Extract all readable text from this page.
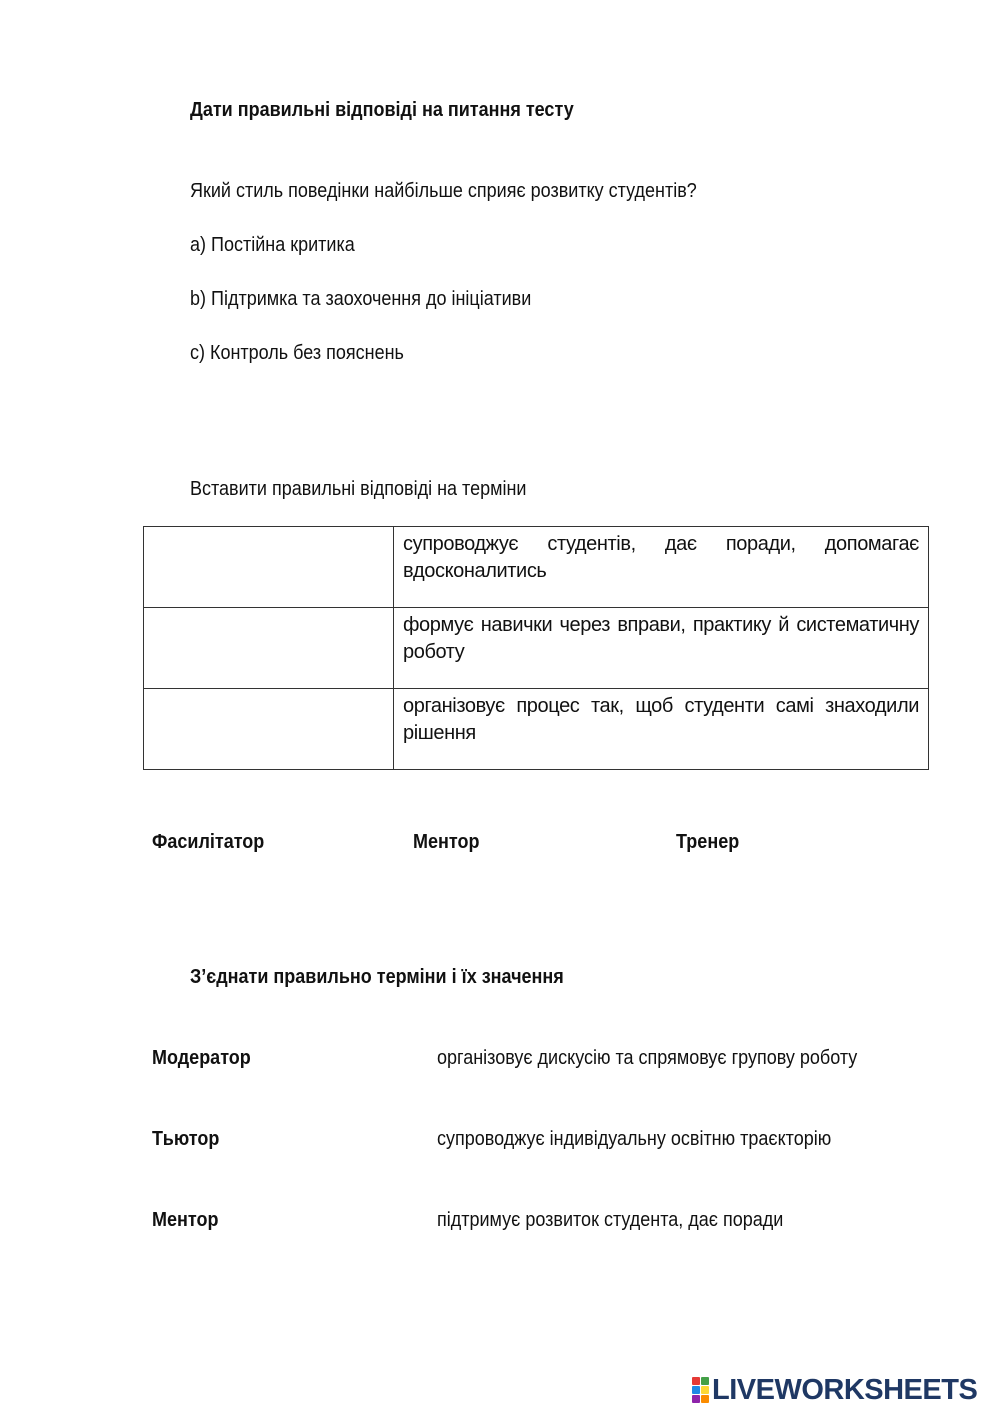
Дати правильні відповіді на питання тесту
Який стиль поведінки найбільше сприяє розвитку студентів?
а) Постійна критика
b) Підтримка та заохочення до ініціативи
c) Контроль без пояснень
Вставити правильні відповіді на терміни

	супроводжує студентів, дає поради, допомагає вдосконалитись

	формує навички через вправи, практику й систематичну роботу

	організовує процес так, щоб студенти самі знаходили рішення
Фасилітатор	Ментор	Тренер
З’єднати правильно терміни і їх значення
Модератор	організовує дискусію та спрямовує групову роботу
Тьютор	супроводжує індивідуальну освітню траєкторію
Ментор	підтримує розвиток студента, дає поради
LIVEWORKSHEETS
